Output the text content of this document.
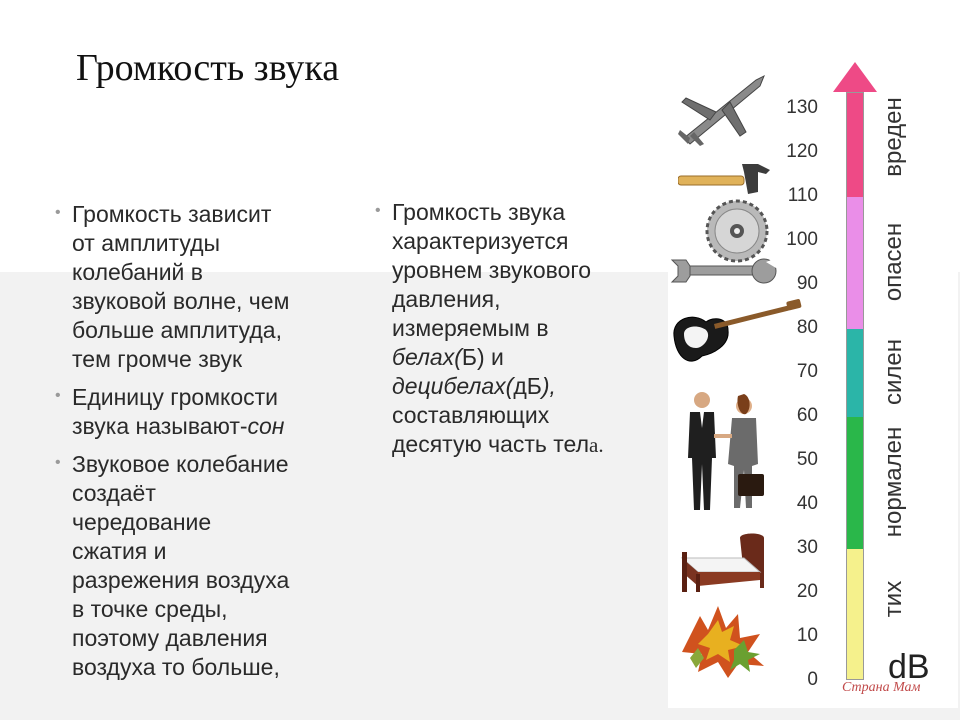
Громкость звука
• Громкость зависит
от амплитуды
колебаний в
звуковой волне, чем
больше амплитуда,
тем громче звук
• Единицу громкости
звука называют-сон
• Звуковое колебание
создаёт
чередование
сжатия и
разрежения воздуха
в точке среды,
поэтому давления
воздуха то больше,
• Громкость звука
характеризуется
уровнем звукового
давления,
измеряемым в
белах(Б) и
децибелах(дБ),
составляющих
десятую часть тела.
0
10
20
30
40
50
60
70
80
90
100
110
120
130
тих
нормален
силен
опасен
вреден
dB
Страна Мам
